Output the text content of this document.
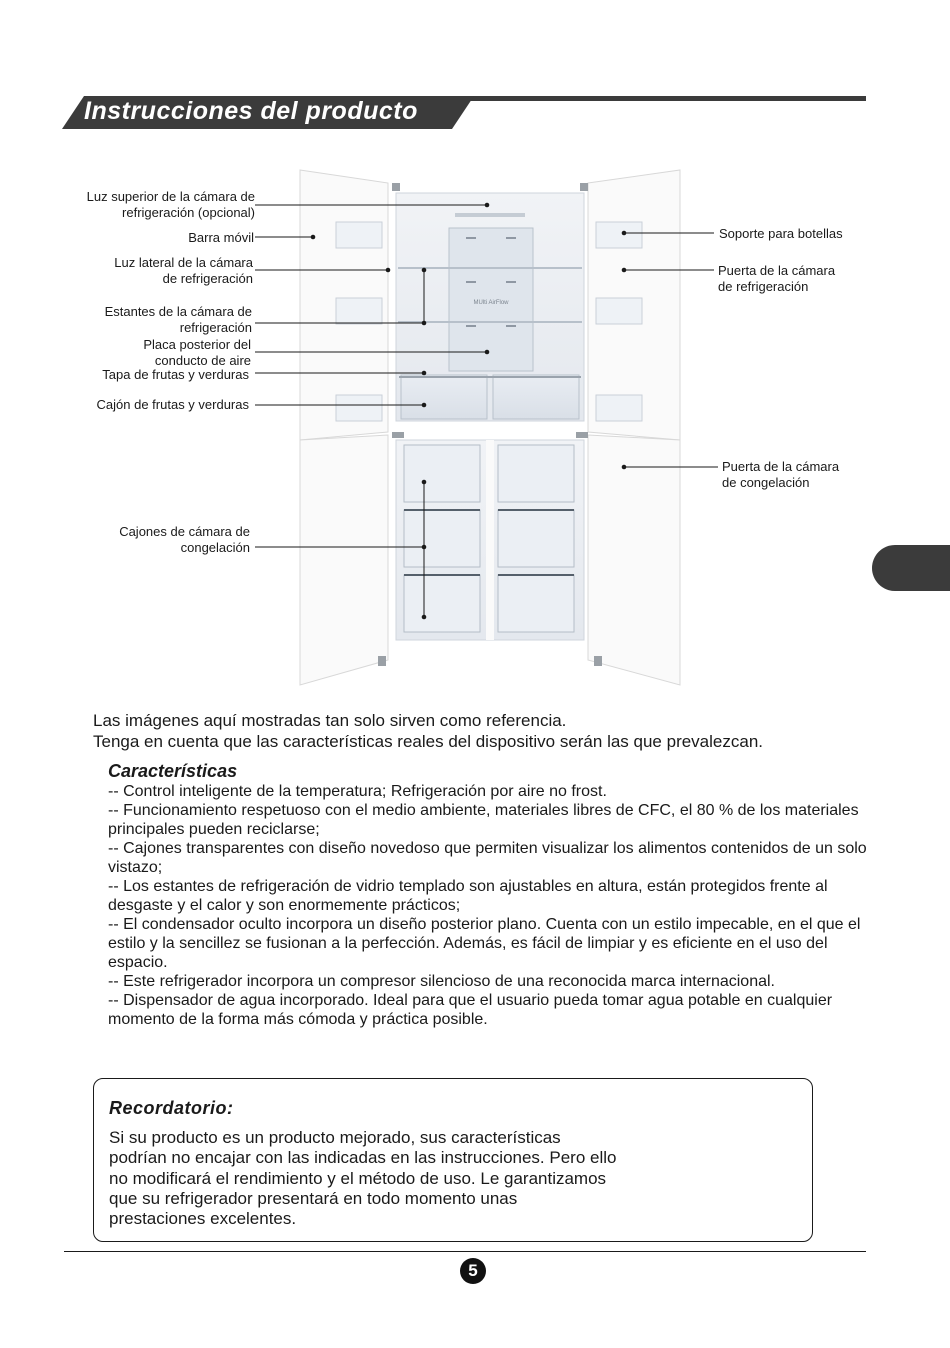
Instrucciones del producto
MUlti AirFlow
Luz superior de la cámara de
refrigeración (opcional)
Barra móvil
Luz lateral de la cámara
de refrigeración
Estantes de la cámara de
refrigeración
Placa posterior del
conducto de aire
Tapa de frutas y verduras
Cajón de frutas y verduras
Cajones de cámara de
congelación
Soporte para botellas
Puerta de la cámara
de refrigeración
Puerta de la cámara
de congelación
Las imágenes aquí mostradas tan solo sirven como referencia.
Tenga en cuenta que las características reales del dispositivo serán las que prevalezcan.
Características

-- Control inteligente de la temperatura; Refrigeración por aire no frost.

-- Funcionamiento respetuoso con el medio ambiente, materiales libres de CFC, el 80 % de los materiales principales pueden reciclarse;

-- Cajones transparentes con diseño novedoso que permiten visualizar los alimentos contenidos de un solo vistazo;

-- Los estantes de refrigeración de vidrio templado son ajustables en altura, están protegidos frente al desgaste y el calor y son enormemente prácticos;

-- El condensador oculto incorpora un diseño posterior plano. Cuenta con un estilo impecable, en el que el estilo y la sencillez se fusionan a la perfección. Además, es fácil de limpiar y es eficiente en el uso del espacio.

-- Este refrigerador incorpora un compresor silencioso de una reconocida marca internacional.

-- Dispensador de agua incorporado. Ideal para que el usuario pueda tomar agua potable en cualquier momento de la forma más cómoda y práctica posible.

Recordatorio:

Si su producto es un producto mejorado, sus características

podrían no encajar con las indicadas en las instrucciones. Pero ello

no modificará el rendimiento y el método de uso. Le garantizamos

que su refrigerador presentará en todo momento unas

prestaciones excelentes.

5
